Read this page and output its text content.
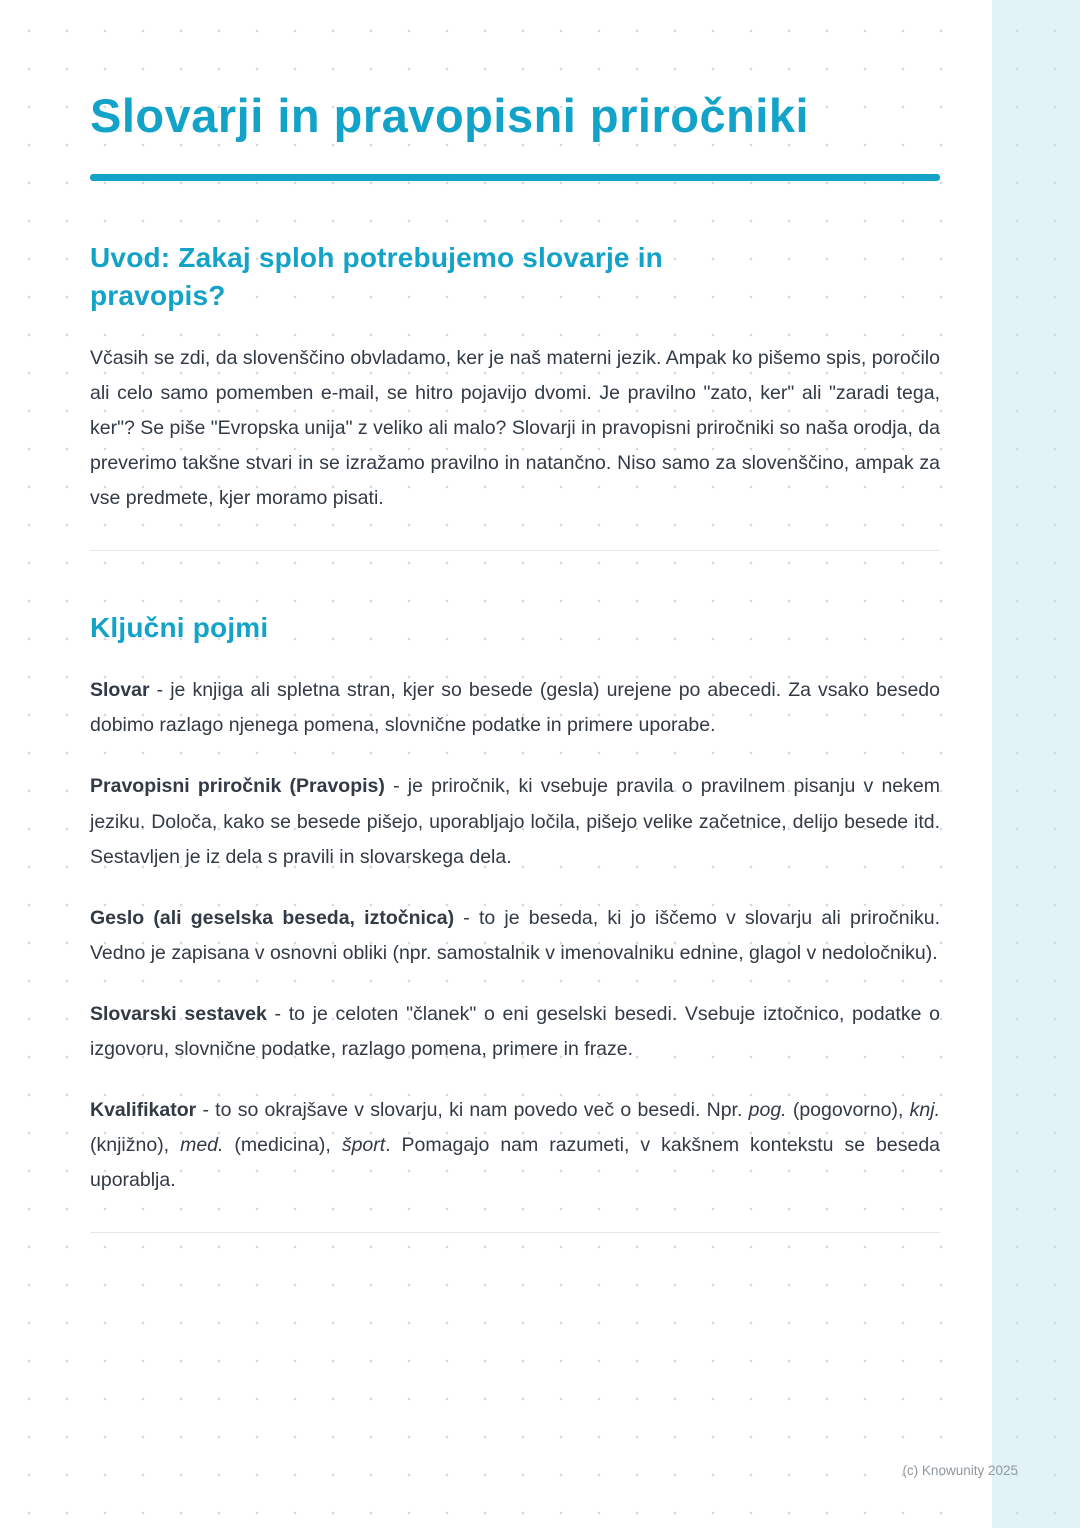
Slovarji in pravopisni priročniki
Uvod: Zakaj sploh potrebujemo slovarje in pravopis?

Včasih se zdi, da slovenščino obvladamo, ker je naš materni jezik. Ampak ko pišemo spis, poročilo ali celo samo pomemben e-mail, se hitro pojavijo dvomi. Je pravilno "zato, ker" ali "zaradi tega, ker"? Se piše "Evropska unija" z veliko ali malo? Slovarji in pravopisni priročniki so naša orodja, da preverimo takšne stvari in se izražamo pravilno in natančno. Niso samo za slovenščino, ampak za vse predmete, kjer moramo pisati.

Ključni pojmi

Slovar - je knjiga ali spletna stran, kjer so besede (gesla) urejene po abecedi. Za vsako besedo dobimo razlago njenega pomena, slovnične podatke in primere uporabe.

Pravopisni priročnik (Pravopis) - je priročnik, ki vsebuje pravila o pravilnem pisanju v nekem jeziku. Določa, kako se besede pišejo, uporabljajo ločila, pišejo velike začetnice, delijo besede itd. Sestavljen je iz dela s pravili in slovarskega dela.

Geslo (ali geselska beseda, iztočnica) - to je beseda, ki jo iščemo v slovarju ali priročniku. Vedno je zapisana v osnovni obliki (npr. samostalnik v imenovalniku ednine, glagol v nedoločniku).

Slovarski sestavek - to je celoten "članek" o eni geselski besedi. Vsebuje iztočnico, podatke o izgovoru, slovnične podatke, razlago pomena, primere in fraze.

Kvalifikator - to so okrajšave v slovarju, ki nam povedo več o besedi. Npr. pog. (pogovorno), knj. (knjižno), med. (medicina), šport. Pomagajo nam razumeti, v kakšnem kontekstu se beseda uporablja.

(c) Knowunity 2025
